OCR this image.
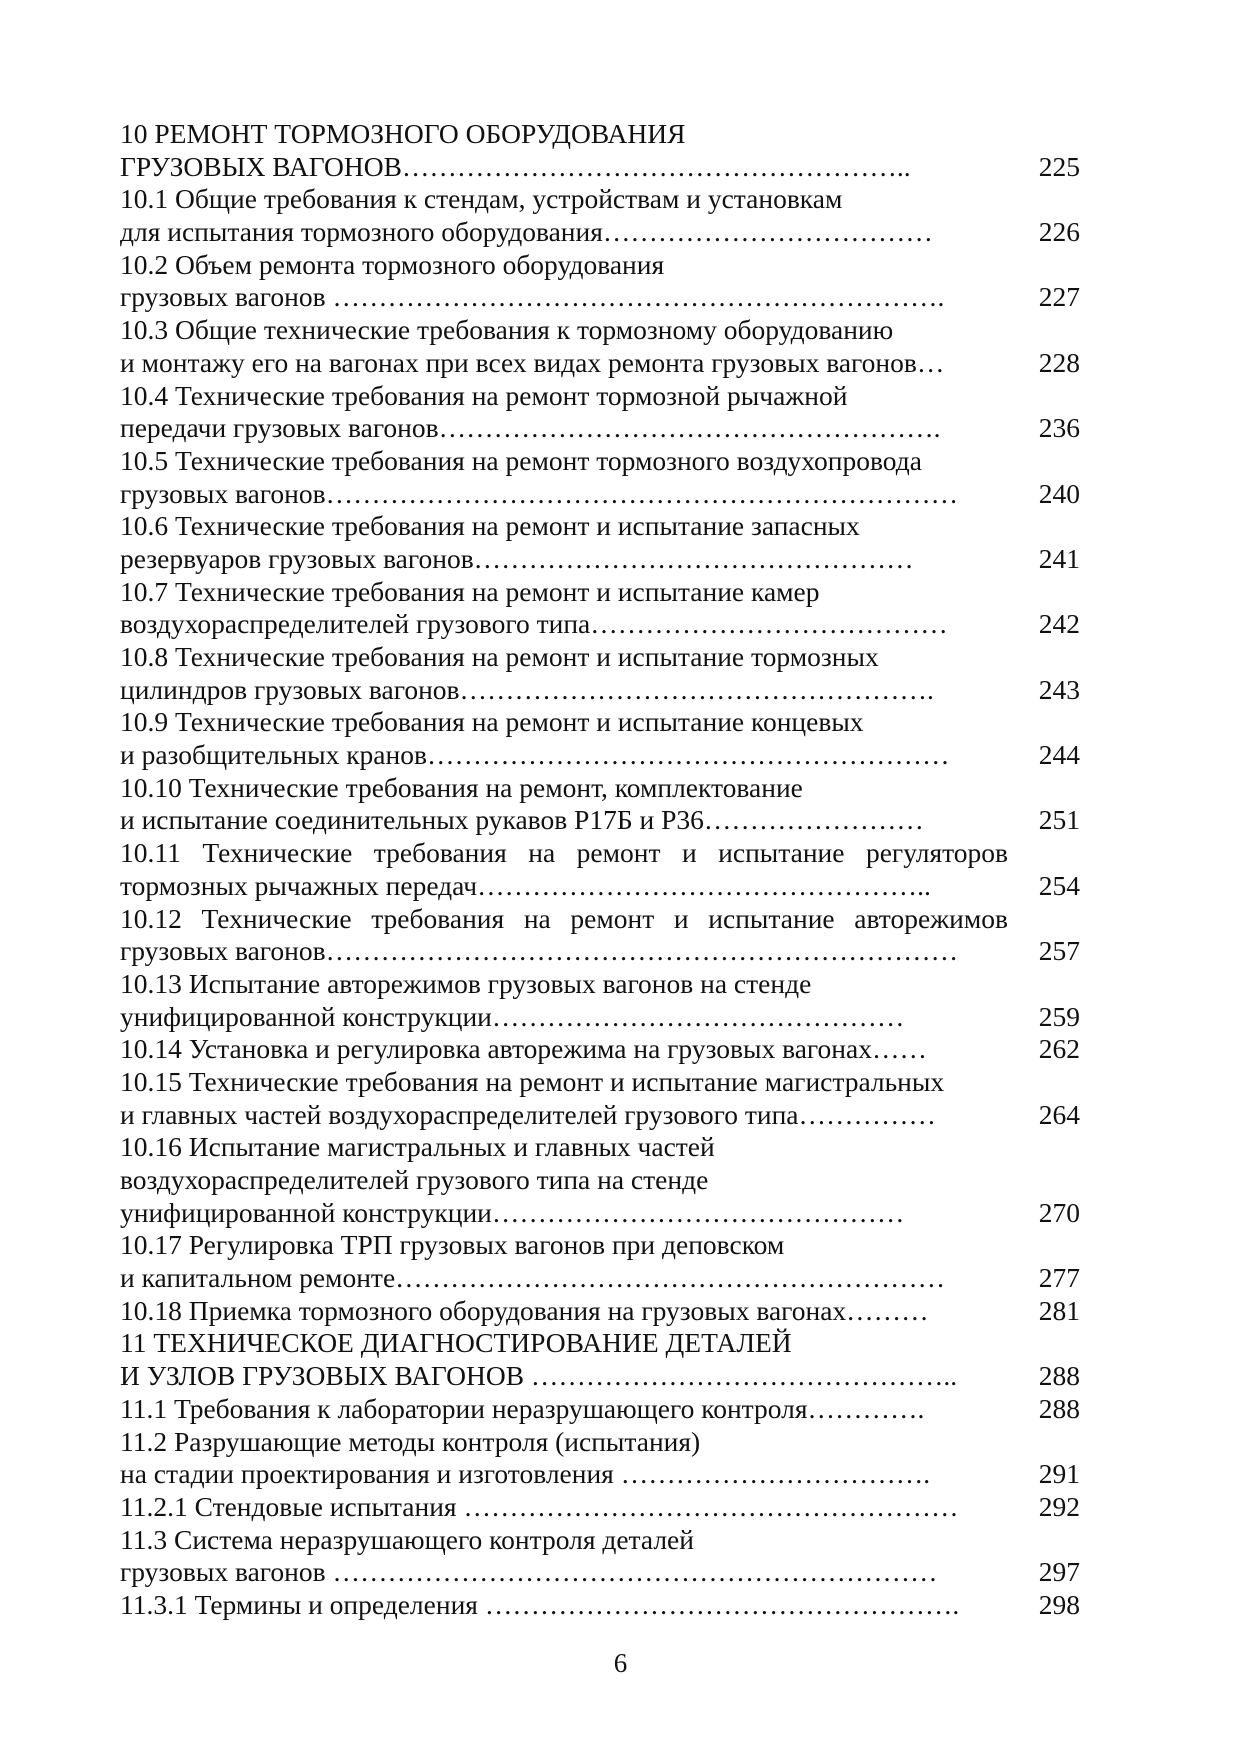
10 РЕМОНТ ТОРМОЗНОГО ОБОРУДОВАНИЯ
ГРУЗОВЫХ ВАГОНОВ………………………………………………..	225
10.1 Общие требования к стендам, устройствам и установкам
для испытания тормозного оборудования………………………………	226
10.2 Объем ремонта тормозного оборудования
грузовых вагонов ………………………………………………………….	227
10.3 Общие технические требования к тормозному оборудованию
и монтажу его на вагонах при всех видах ремонта грузовых вагонов…	228
10.4 Технические требования на ремонт тормозной рычажной
передачи грузовых вагонов……………………………………………….	236
10.5 Технические требования на ремонт тормозного воздухопровода
грузовых вагонов……………………………………………………………	240
10.6 Технические требования на ремонт и испытание запасных
резервуаров грузовых вагонов…………………………………………	241
10.7 Технические требования на ремонт и испытание камер
воздухораспределителей грузового типа…………………………………	242
10.8 Технические требования на ремонт и испытание тормозных
цилиндров грузовых вагонов…………………………………………….	243
10.9 Технические требования на ремонт и испытание концевых
и разобщительных кранов…………………………………………………	244
10.10 Технические требования на ремонт, комплектование
и испытание соединительных рукавов Р17Б и Р36……………………	251
10.11 Технические требования на ремонт и испытание регуляторов
тормозных рычажных передач…………………………………………..	254
10.12 Технические требования на ремонт и испытание авторежимов
грузовых вагонов……………………………………………………………	257
10.13 Испытание авторежимов грузовых вагонов на стенде
унифицированной конструкции………………………………………	259
10.14 Установка и регулировка авторежима на грузовых вагонах……	262
10.15 Технические требования на ремонт и испытание магистральных
и главных частей воздухораспределителей грузового типа……………	264
10.16 Испытание магистральных и главных частей
воздухораспределителей грузового типа на стенде
унифицированной конструкции………………………………………	270
10.17 Регулировка ТРП грузовых вагонов при деповском
и капитальном ремонте……………………………………………………	277
10.18 Приемка тормозного оборудования на грузовых вагонах………	281
11 ТЕХНИЧЕСКОЕ ДИАГНОСТИРОВАНИЕ ДЕТАЛЕЙ
И УЗЛОВ ГРУЗОВЫХ ВАГОНОВ ………………………………………..	288
11.1 Требования к лаборатории неразрушающего контроля………….	288
11.2 Разрушающие методы контроля (испытания)
на стадии проектирования и изготовления …………………………….	291
11.2.1 Стендовые испытания ………………………………………………	292
11.3 Система неразрушающего контроля деталей
грузовых вагонов …………………………………………………………	297
11.3.1 Термины и определения …………………………………………….	298
6
